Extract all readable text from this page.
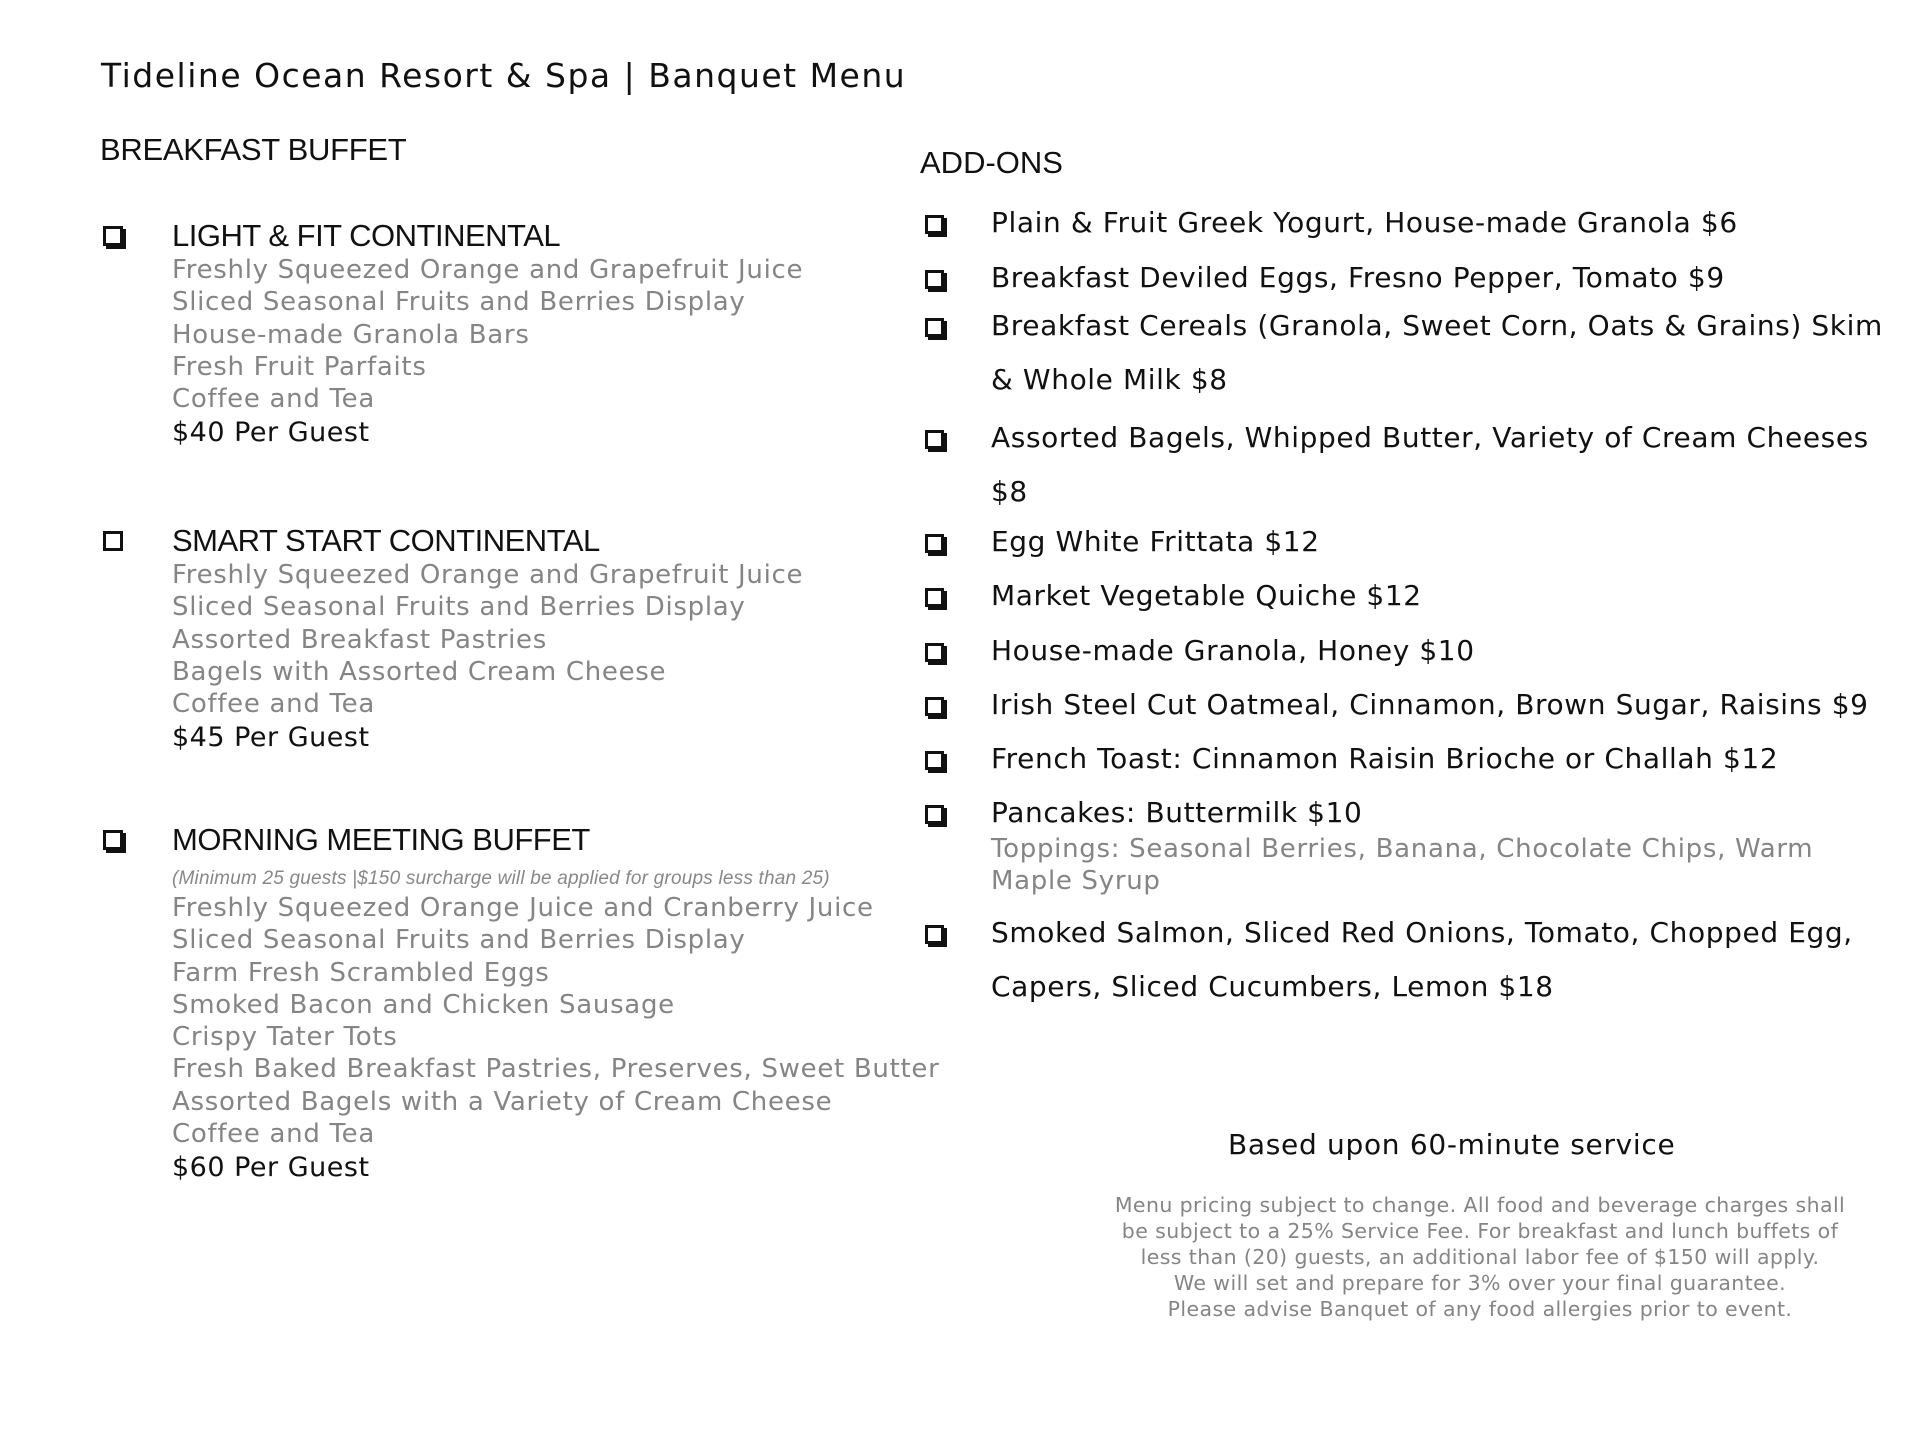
Tideline Ocean Resort & Spa | Banquet Menu
BREAKFAST BUFFET
LIGHT & FIT CONTINENTAL
Freshly Squeezed Orange and Grapefruit Juice
Sliced Seasonal Fruits and Berries Display
House-made Granola Bars
Fresh Fruit Parfaits
Coffee and Tea
$40 Per Guest
SMART START CONTINENTAL
Freshly Squeezed Orange and Grapefruit Juice
Sliced Seasonal Fruits and Berries Display
Assorted Breakfast Pastries
Bagels with Assorted Cream Cheese
Coffee and Tea
$45 Per Guest
MORNING MEETING BUFFET
(Minimum 25 guests |$150 surcharge will be applied for groups less than 25)
Freshly Squeezed Orange Juice and Cranberry Juice
Sliced Seasonal Fruits and Berries Display
Farm Fresh Scrambled Eggs
Smoked Bacon and Chicken Sausage
Crispy Tater Tots
Fresh Baked Breakfast Pastries, Preserves, Sweet Butter
Assorted Bagels with a Variety of Cream Cheese
Coffee and Tea
$60 Per Guest
ADD-ONS
Plain & Fruit Greek Yogurt, House-made Granola $6
Breakfast Deviled Eggs, Fresno Pepper, Tomato $9
Breakfast Cereals (Granola, Sweet Corn, Oats & Grains) Skim & Whole Milk $8
Assorted Bagels, Whipped Butter, Variety of Cream Cheeses $8
Egg White Frittata $12
Market Vegetable Quiche $12
House-made Granola, Honey $10
Irish Steel Cut Oatmeal, Cinnamon, Brown Sugar, Raisins $9
French Toast: Cinnamon Raisin Brioche or Challah $12
Pancakes: Buttermilk $10
Toppings: Seasonal Berries, Banana, Chocolate Chips, Warm Maple Syrup
Smoked Salmon, Sliced Red Onions, Tomato, Chopped Egg, Capers, Sliced Cucumbers, Lemon $18
Based upon 60-minute service
Menu pricing subject to change. All food and beverage charges shall
be subject to a 25% Service Fee. For breakfast and lunch buffets of
less than (20) guests, an additional labor fee of $150 will apply.
We will set and prepare for 3% over your final guarantee.
Please advise Banquet of any food allergies prior to event.
